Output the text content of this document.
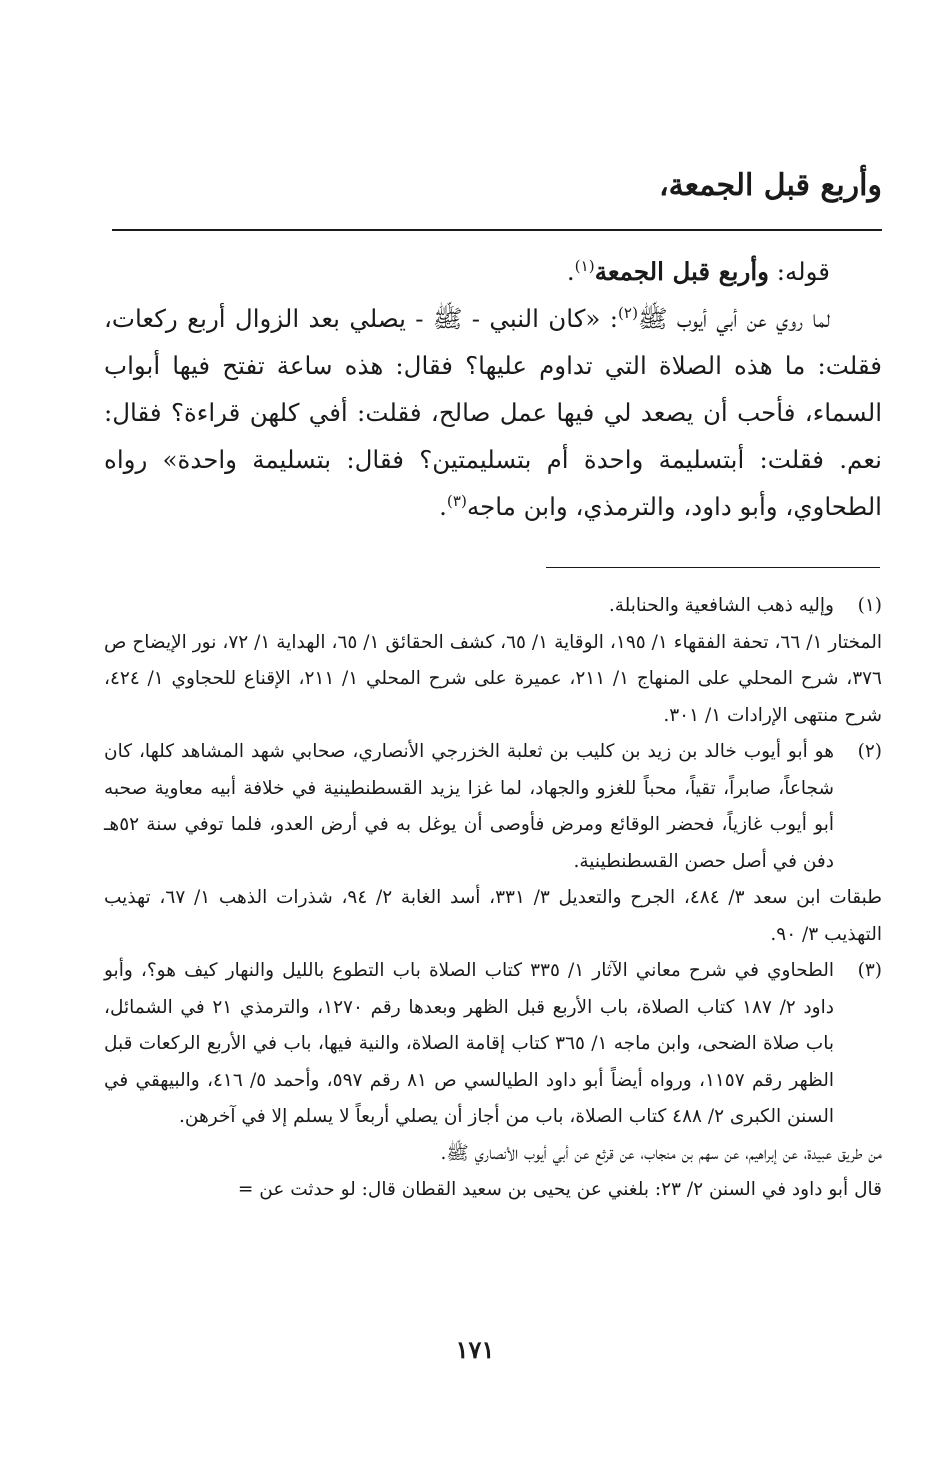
وأربع قبل الجمعة،

قوله: وأربع قبل الجمعة$^{(١)}$.

لما روي عن أبي أيوب ﷺ$^{(٢)}$: «كان النبي - ﷺ - يصلي بعد الزوال أربع ركعات، فقلت: ما هذه الصلاة التي تداوم عليها؟ فقال: هذه ساعة تفتح فيها أبواب السماء، فأحب أن يصعد لي فيها عمل صالح، فقلت: أفي كلهن قراءة؟ فقال: نعم. فقلت: أبتسليمة واحدة أم بتسليمتين؟ فقال: بتسليمة واحدة» رواه الطحاوي، وأبو داود، والترمذي، وابن ماجه$^{(٣)}$.

(١)

وإليه ذهب الشافعية والحنابلة.

المختار ١/ ٦٦، تحفة الفقهاء ١/ ١٩٥، الوقاية ١/ ٦٥، كشف الحقائق ١/ ٦٥، الهداية ١/ ٧٢، نور الإيضاح ص ٣٧٦، شرح المحلي على المنهاج ١/ ٢١١، عميرة على شرح المحلي ١/ ٢١١، الإقناع للحجاوي ١/ ٤٢٤، شرح منتهى الإرادات ١/ ٣٠١.

(٢)

هو أبو أيوب خالد بن زيد بن كليب بن ثعلبة الخزرجي الأنصاري، صحابي شهد المشاهد كلها، كان شجاعاً، صابراً، تقياً، محباً للغزو والجهاد، لما غزا يزيد القسطنطينية في خلافة أبيه معاوية صحبه أبو أيوب غازياً، فحضر الوقائع ومرض فأوصى أن يوغل به في أرض العدو، فلما توفي سنة ٥٢هـ دفن في أصل حصن القسطنطينية.

طبقات ابن سعد ٣/ ٤٨٤، الجرح والتعديل ٣/ ٣٣١، أسد الغابة ٢/ ٩٤، شذرات الذهب ١/ ٦٧، تهذيب التهذيب ٣/ ٩٠.

(٣)

الطحاوي في شرح معاني الآثار ١/ ٣٣٥ كتاب الصلاة باب التطوع بالليل والنهار كيف هو؟، وأبو داود ٢/ ١٨٧ كتاب الصلاة، باب الأربع قبل الظهر وبعدها رقم ١٢٧٠، والترمذي ٢١ في الشمائل، باب صلاة الضحى، وابن ماجه ١/ ٣٦٥ كتاب إقامة الصلاة، والنية فيها، باب في الأربع الركعات قبل الظهر رقم ١١٥٧، ورواه أيضاً أبو داود الطيالسي ص ٨١ رقم ٥٩٧، وأحمد ٥/ ٤١٦، والبيهقي في السنن الكبرى ٢/ ٤٨٨ كتاب الصلاة، باب من أجاز أن يصلي أربعاً لا يسلم إلا في آخرهن.

من طريق عبيدة، عن إبراهيم، عن سهم بن منجاب، عن قرثع عن أبي أيوب الأنصاري ﷺ.

قال أبو داود في السنن ٢/ ٢٣: بلغني عن يحيى بن سعيد القطان قال: لو حدثت عن =

١٧١
